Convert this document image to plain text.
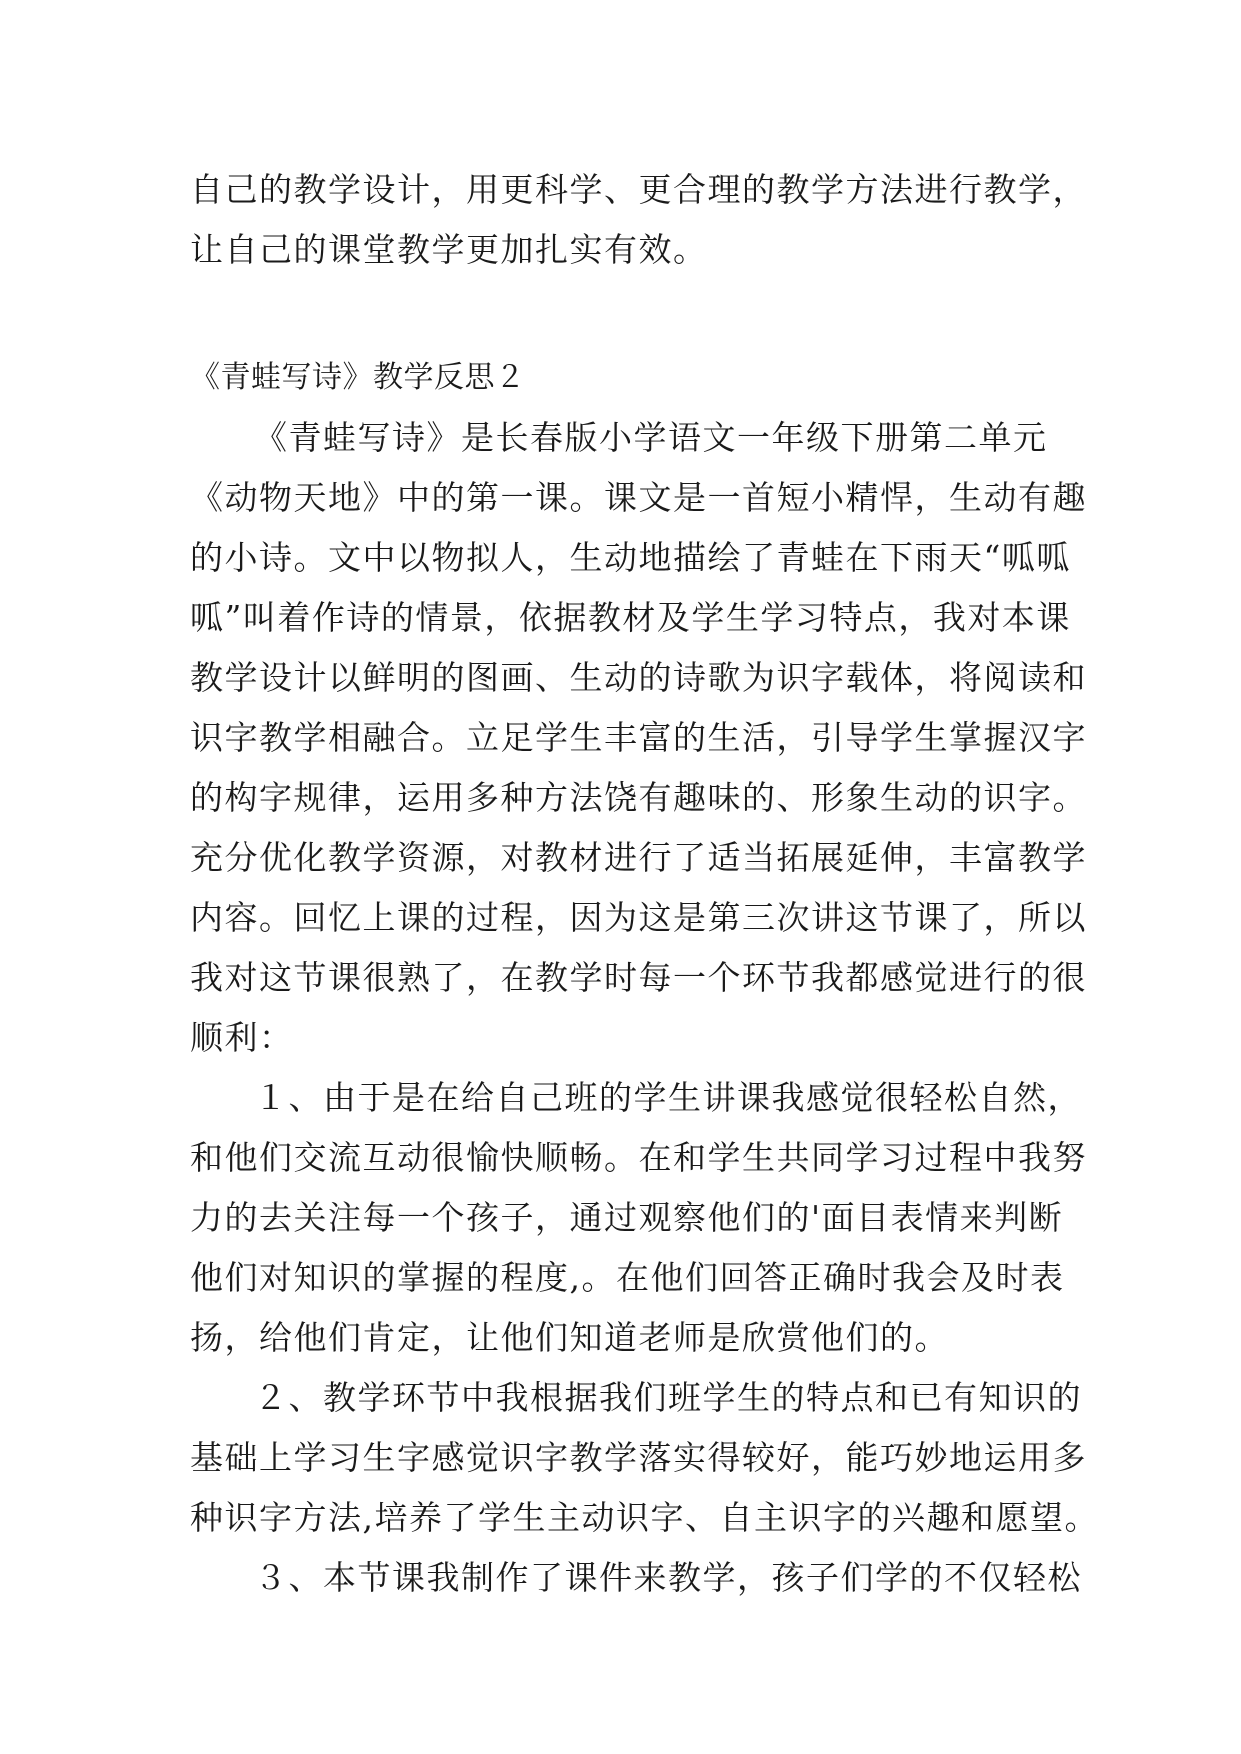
自己的教学设计，用更科学、更合理的教学方法进行教学，
让自己的课堂教学更加扎实有效。
《青蛙写诗》教学反思２
《青蛙写诗》是长春版小学语文一年级下册第二单元
《动物天地》中的第一课。课文是一首短小精悍，生动有趣
的小诗。文中以物拟人，生动地描绘了青蛙在下雨天“呱呱
呱”叫着作诗的情景，依据教材及学生学习特点，我对本课
教学设计以鲜明的图画、生动的诗歌为识字载体，将阅读和
识字教学相融合。立足学生丰富的生活，引导学生掌握汉字
的构字规律，运用多种方法饶有趣味的、形象生动的识字。
充分优化教学资源，对教材进行了适当拓展延伸，丰富教学
内容。回忆上课的过程，因为这是第三次讲这节课了，所以
我对这节课很熟了，在教学时每一个环节我都感觉进行的很
顺利：
１、由于是在给自己班的学生讲课我感觉很轻松自然，
和他们交流互动很愉快顺畅。在和学生共同学习过程中我努
力的去关注每一个孩子，通过观察他们的'面目表情来判断
他们对知识的掌握的程度,。在他们回答正确时我会及时表
扬，给他们肯定，让他们知道老师是欣赏他们的。
２、教学环节中我根据我们班学生的特点和已有知识的
基础上学习生字感觉识字教学落实得较好，能巧妙地运用多
种识字方法,培养了学生主动识字、自主识字的兴趣和愿望。
３、本节课我制作了课件来教学，孩子们学的不仅轻松
